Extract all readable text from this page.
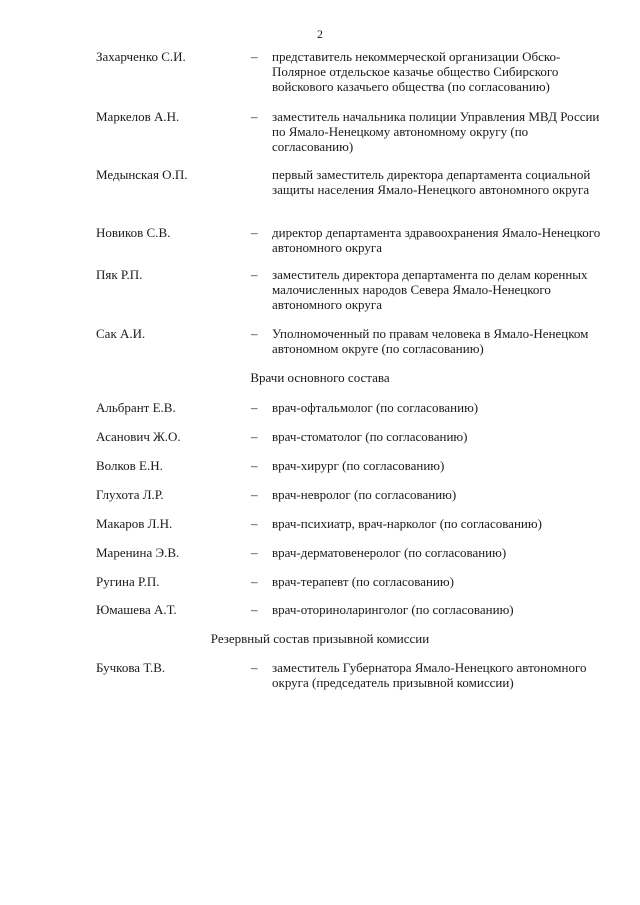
2
Захарченко С.И.	– представитель некоммерческой организации Обско-Полярное отдельское казачье общество Сибирского войскового казачьего общества (по согласованию)
Маркелов А.Н.	– заместитель начальника полиции Управления МВД России по Ямало-Ненецкому автономному округу (по согласованию)
Медынская О.П.	первый заместитель директора департамента социальной защиты населения Ямало-Ненецкого автономного округа
Новиков С.В.	– директор департамента здравоохранения Ямало-Ненецкого автономного округа
Пяк Р.П.	– заместитель директора департамента по делам коренных малочисленных народов Севера Ямало-Ненецкого автономного округа
Сак А.И.	– Уполномоченный по правам человека в Ямало-Ненецком автономном округе (по согласованию)
Врачи основного состава
Альбрант Е.В.	– врач-офтальмолог (по согласованию)
Асанович Ж.О.	– врач-стоматолог (по согласованию)
Волков Е.Н.	– врач-хирург (по согласованию)
Глухота Л.Р.	– врач-невролог (по согласованию)
Макаров Л.Н.	– врач-психиатр, врач-нарколог (по согласованию)
Маренина Э.В.	– врач-дерматовенеролог (по согласованию)
Ругина Р.П.	– врач-терапевт (по согласованию)
Юмашева А.Т.	– врач-оториноларинголог (по согласованию)
Резервный состав призывной комиссии
Бучкова Т.В.	– заместитель Губернатора Ямало-Ненецкого автономного округа (председатель призывной комиссии)
